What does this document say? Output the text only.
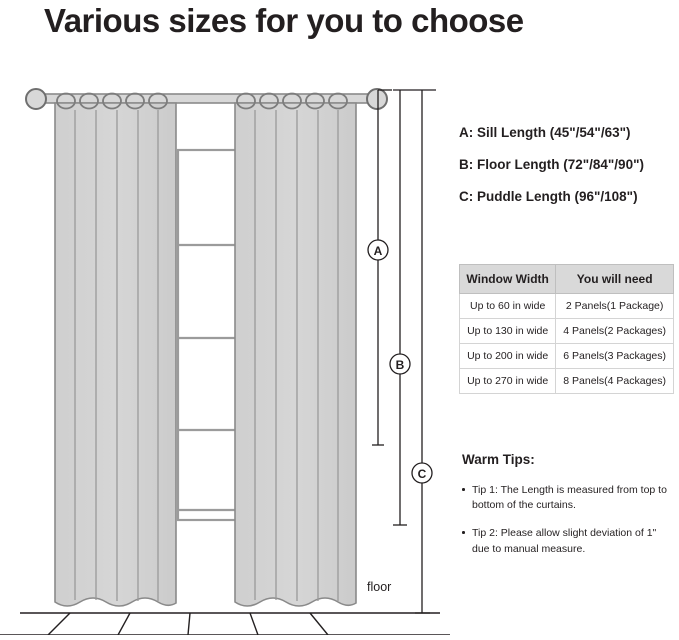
Various sizes for you to choose
A
B
C
floor
A: Sill Length (45"/54"/63")
B: Floor Length (72"/84"/90")
C: Puddle Length (96"/108")
Window Width	You will need
Up to 60 in wide	2 Panels(1 Package)
Up to 130 in wide	4 Panels(2 Packages)
Up to 200 in wide	6 Panels(3 Packages)
Up to 270 in wide	8 Panels(4 Packages)
Warm Tips:
Tip 1: The Length is measured from top to bottom of the curtains.
Tip 2: Please allow slight deviation of 1" due to manual measure.
